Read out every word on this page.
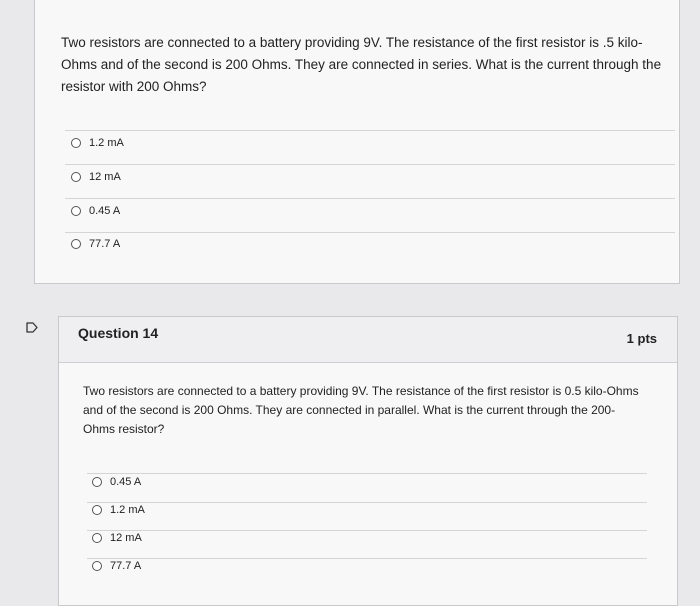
Two resistors are connected to a battery providing 9V. The resistance of the first resistor is .5 kilo-Ohms and of the second is 200 Ohms. They are connected in series. What is the current through the resistor with 200 Ohms?
1.2 mA
12 mA
0.45 A
77.7 A
Question 14	1 pts
Two resistors are connected to a battery providing 9V. The resistance of the first resistor is 0.5 kilo-Ohms and of the second is 200 Ohms. They are connected in parallel. What is the current through the 200-Ohms resistor?
0.45 A
1.2 mA
12 mA
77.7 A
